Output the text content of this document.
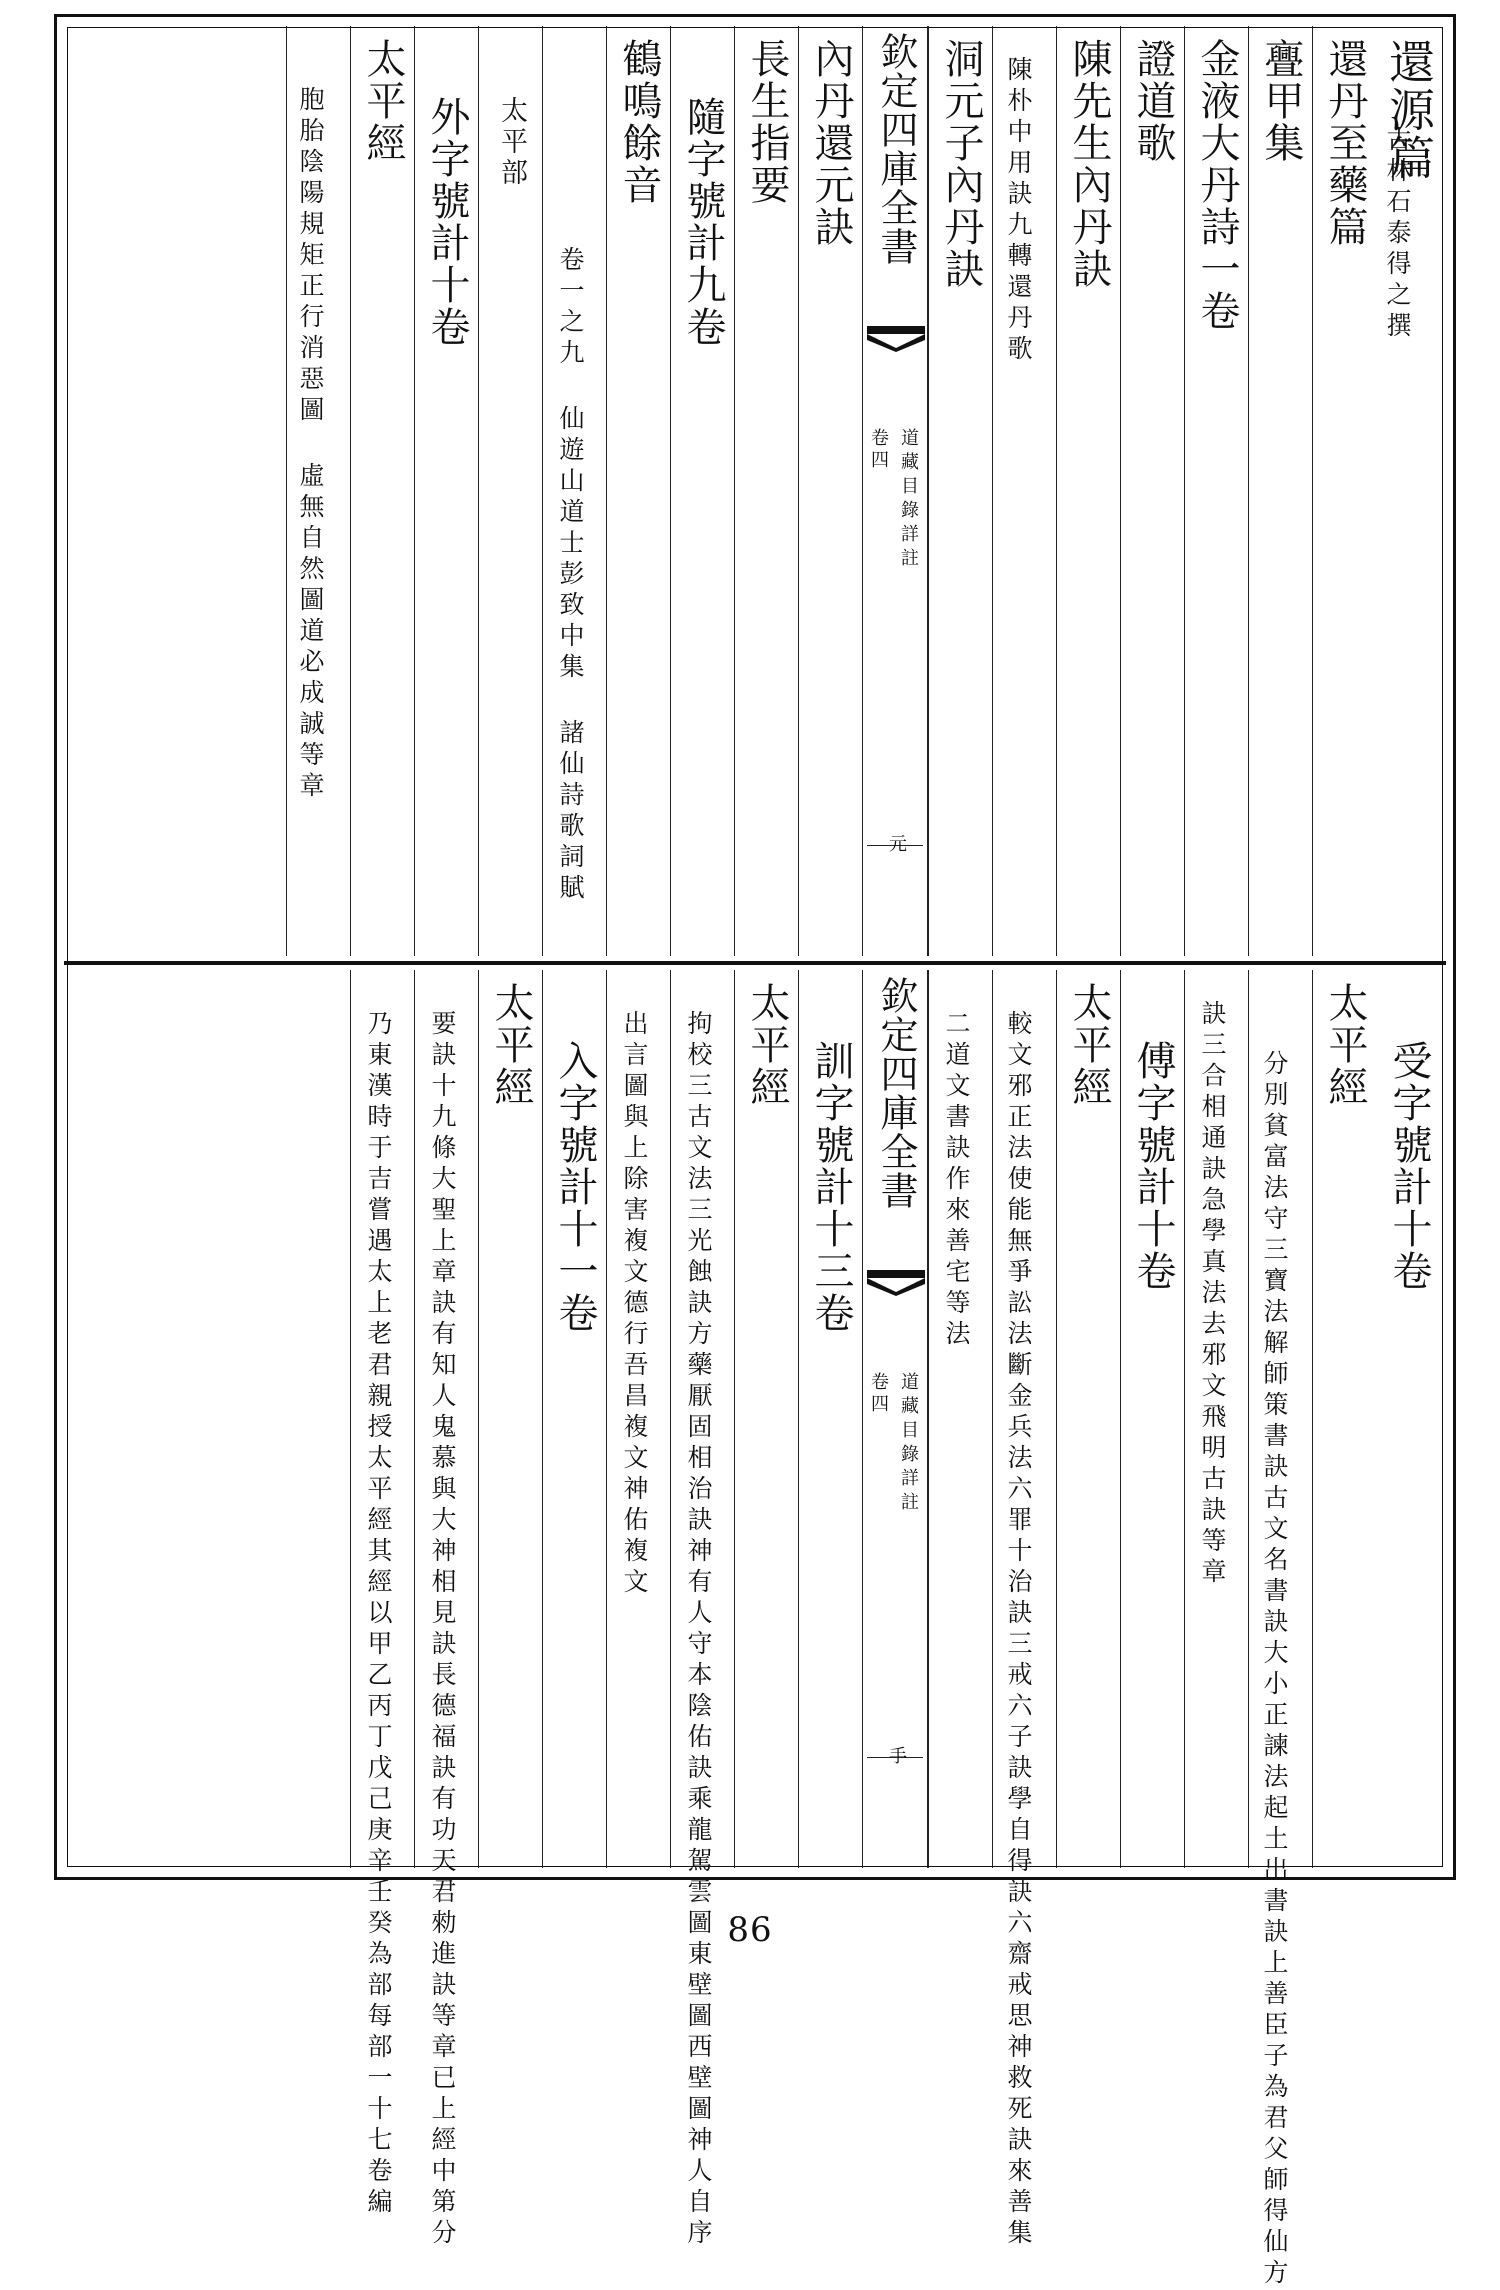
還源篇
古林石泰得之撰
還丹至藥篇
亹甲集
金液大丹詩一卷
證道歌
陳先生內丹訣
陳朴中用訣九轉還丹歌
洞元子內丹訣
欽定四庫全書
道藏目錄詳註
卷四
元
內丹還元訣
長生指要
隨字號計九卷
鶴鳴餘音
卷一之九 仙遊山道士彭致中集 諸仙詩歌詞賦
太平部
外字號計十卷
太平經
胞胎陰陽規矩正行消惡圖 虛無自然圖道必成誠等章
受字號計十卷
太平經
分別貧富法守三寶法解師策書訣古文名書訣大小正諫法起土出書訣上善臣子為君父師得仙方
訣三合相通訣急學真法去邪文飛明古訣等章
傅字號計十卷
太平經
較文邪正法使能無爭訟法斷金兵法六罪十治訣三戒六子訣學自得訣六齋戒思神救死訣來善集
二道文書訣作來善宅等法
欽定四庫全書
道藏目錄詳註
卷四
手
訓字號計十三卷
太平經
拘校三古文法三光蝕訣方藥厭固相治訣神有人守本陰佑訣乘龍駕雲圖東壁圖西壁圖神人自序
出言圖與上除害複文德行吾昌複文神佑複文
入字號計十一卷
太平經
要訣十九條大聖上章訣有知人鬼慕與大神相見訣長德福訣有功天君勑進訣等章已上經中第分
乃東漢時于吉嘗遇太上老君親授太平經其經以甲乙丙丁戊己庚辛壬癸為部每部一十七卷編	86
